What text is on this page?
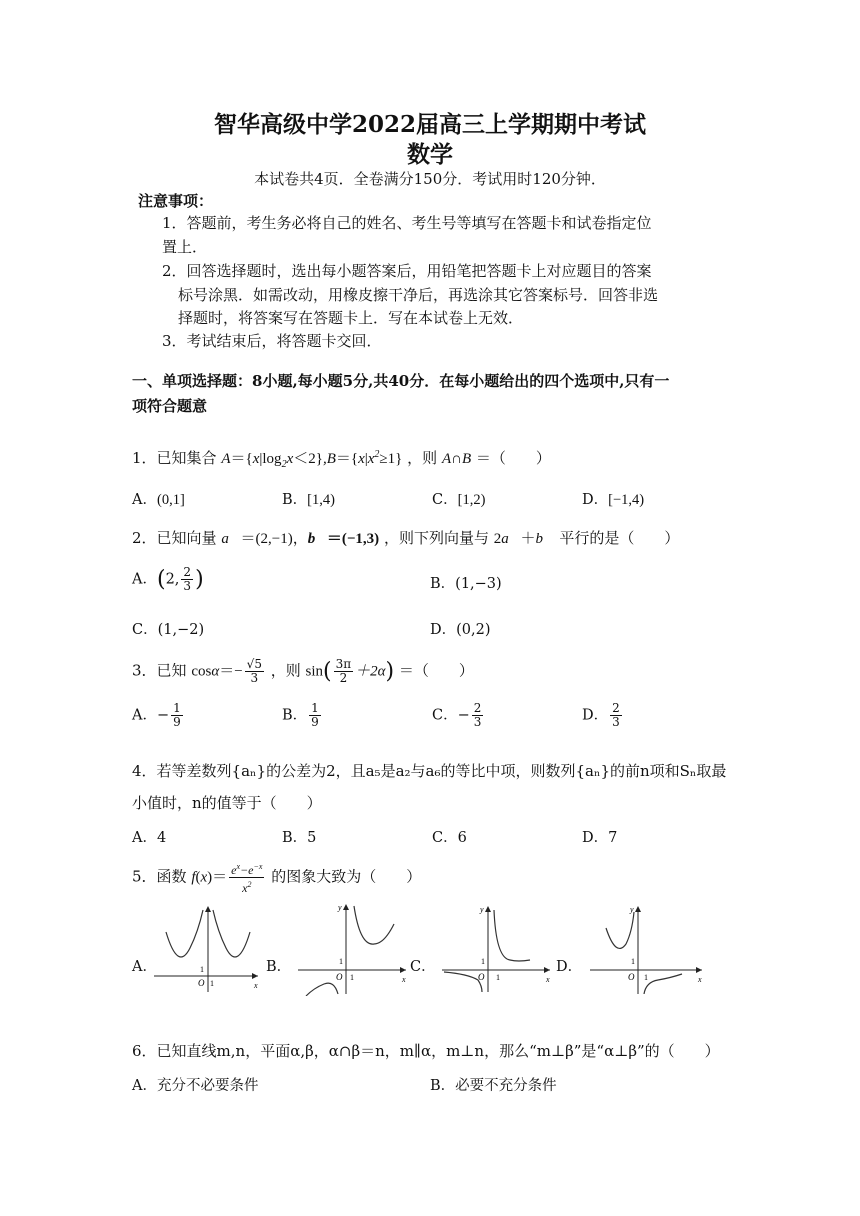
智华高级中学2022届高三上学期期中考试
数学
本试卷共4页．全卷满分150分．考试用时120分钟．
注意事项：
1．答题前，考生务必将自己的姓名、考生号等填写在答题卡和试卷指定位
置上．
2．回答选择题时，选出每小题答案后，用铅笔把答题卡上对应题目的答案
标号涂黑．如需改动，用橡皮擦干净后，再选涂其它答案标号．回答非选
择题时，将答案写在答题卡上．写在本试卷上无效．
3．考试结束后，将答题卡交回．
一、单项选择题：8小题,每小题5分,共40分．在每小题给出的四个选项中,只有一
项符合题意
1．已知集合 $A=\{x|\log_2x<2\},B=\{x|x^2\ge 1\}$ ，则 A∩B ＝（　　）
A．(0,1]	B．[1,4)	C．[1,2)	D．[−1,4)
2．已知向量 a⃗＝(2,−1)，b⃗＝(−1,3) ，则下列向量与 2a⃗＋b⃗ 平行的是（　　）
A．(2, $\frac{2}{3}$ )	B．(1,−3)
C．(1,−2)	D．(0,2)
3．已知 $\cos\alpha=- \frac{√5}{3}$ ，则 $\sin( \frac{3\pi}{2} +2\alpha)$ ＝（　　）
A．− $\frac{1}{9}$	B． $\frac{1}{9}$	C．− $\frac{2}{3}$	D． $\frac{2}{3}$
4．若等差数列{aₙ}的公差为2，且a₅是a₂与a₆的等比中项，则数列{aₙ}的前n项和Sₙ取最
小值时，n的值等于（　　）
A．4	B．5	C．6	D．7
5．函数 $f(x)= \frac{e^x-e^{-x}}{x^2}$ 的图象大致为（　　）
A．	B．	C．	D．
1
O 1	x
1
O 1	x
y
1
O 1	x
y
1
O 1	x
y
6．已知直线m,n，平面α,β，α∩β＝n，m∥α，m⊥n，那么“m⊥β”是“α⊥β”的（　　）
A．充分不必要条件	B．必要不充分条件
